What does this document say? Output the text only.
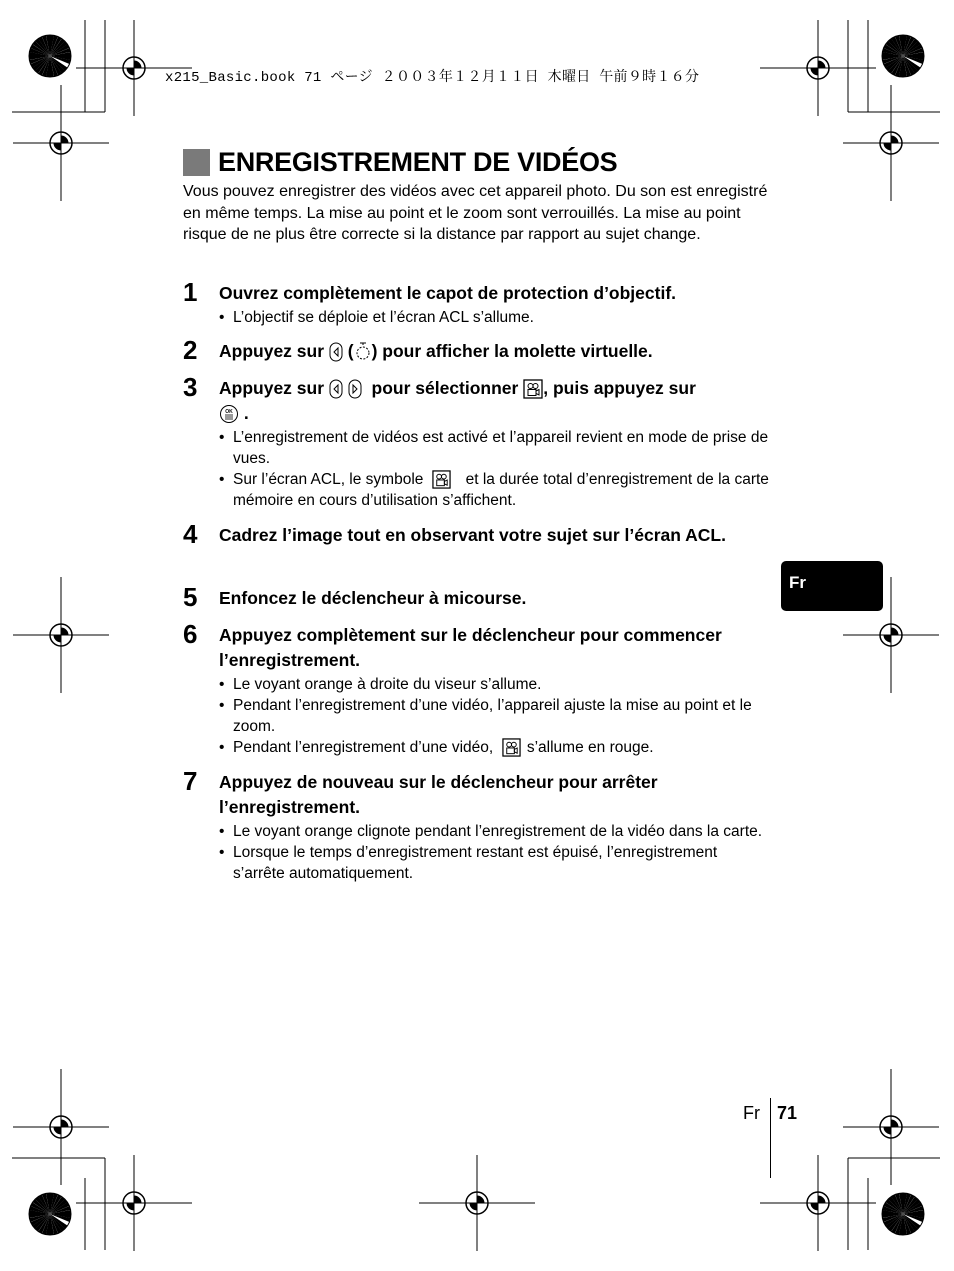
x215_Basic.book 71 ページ ２００３年１２月１１日 木曜日 午前９時１６分
ENREGISTREMENT DE VIDÉOS
Vous pouvez enregistrer des vidéos avec cet appareil photo. Du son est enregistré en même temps. La mise au point et le zoom sont verrouillés. La mise au point risque de ne plus être correcte si la distance par rapport au sujet change.
1 Ouvrez complètement le capot de protection d’objectif.
• L’objectif se déploie et l’écran ACL s’allume.
2 Appuyez sur ( ) pour afficher la molette virtuelle.
3 Appuyez sur	pour sélectionner , puis appuyez sur

OK .
• L’enregistrement de vidéos est activé et l’appareil revient en mode de prise de vues.
• Sur l’écran ACL, le symbole	et la durée total d’enregistrement de la carte mémoire en cours d’utilisation s’affichent.
4 Cadrez l’image tout en observant votre sujet sur l’écran ACL.
5 Enfoncez le déclencheur à micourse.
6 Appuyez complètement sur le déclencheur pour commencer l’enregistrement.
• Le voyant orange à droite du viseur s’allume.
• Pendant l’enregistrement d’une vidéo, l’appareil ajuste la mise au point et le zoom.
• Pendant l’enregistrement d’une vidéo, s’allume en rouge.
7 Appuyez de nouveau sur le déclencheur pour arrêter l’enregistrement.
• Le voyant orange clignote pendant l’enregistrement de la vidéo dans la carte.
• Lorsque le temps d’enregistrement restant est épuisé, l’enregistrement s’arrête automatiquement.
Fr
Fr 71
